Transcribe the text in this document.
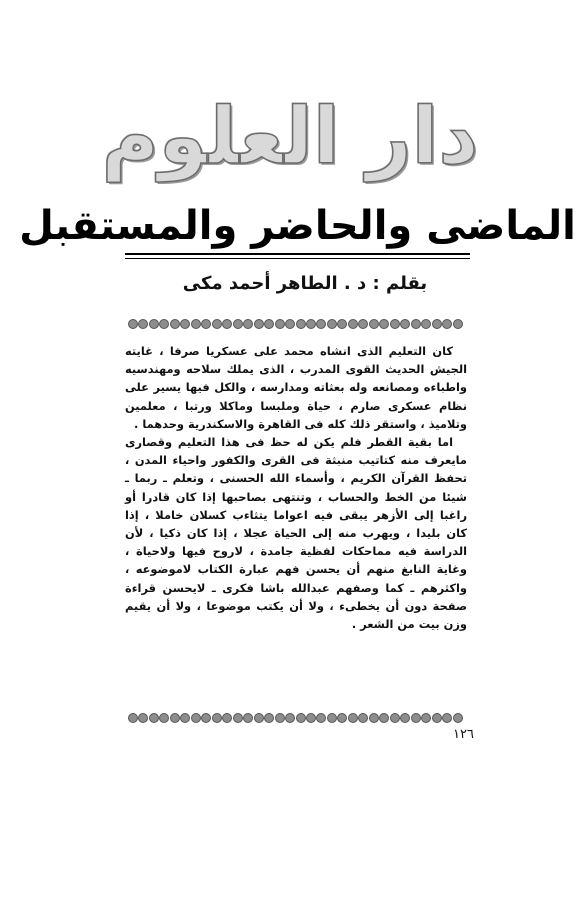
دار العلوم
الماضى والحاضر والمستقبل
بقلم : د . الطاهر أحمد مكى

كان التعليم الذى انشاه محمد على عسكريا صرفا ، غايته الجيش الحديث القوى المدرب ، الذى يملك سلاحه ومهندسيه واطباءه ومصانعه وله بعثاته ومدارسه ، والكل فيها يسير على نظام عسكرى صارم ، حياة وملبسا وماكلا ورتبا ، معلمين وتلاميذ ، واستقر ذلك كله فى القاهرة والاسكندرية وحدهما .

اما بقية القطر فلم يكن له حظ فى هذا التعليم وقصارى مايعرف منه كتاتيب منبثة فى القرى والكفور واحياء المدن ، تحفظ القرآن الكريم ، وأسماء الله الحسنى ، وتعلم ـ ربما ـ شيئا من الخط والحساب ، وتنتهى بصاحبها إذا كان قادرا أو راغبا إلى الأزهر يبقى فيه اعواما يتثاءب كسلان خاملا ، إذا كان بليدا ، ويهرب منه إلى الحياة عجلا ، إذا كان ذكيا ، لأن الدراسة فيه مماحكات لفظية جامدة ، لاروح فيها ولاحياة ، وغاية النابغ منهم أن يحسن فهم عبارة الكتاب لاموضوعه ، واكثرهم ـ كما وصفهم عبدالله باشا فكرى ـ لايحسن قراءة صفحة دون أن يخطىء ، ولا أن يكتب موضوعا ، ولا أن يقيم وزن بيت من الشعر .

١٢٦
